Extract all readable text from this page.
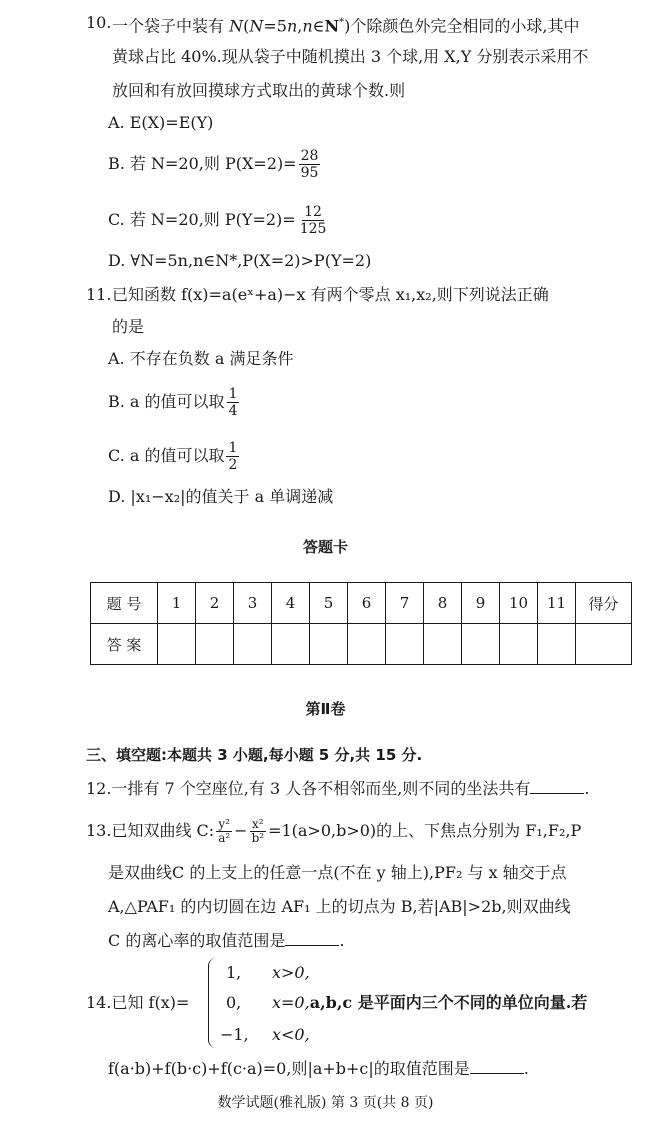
10. 一个袋子中装有 N(N=5n,n∈N*)个除颜色外完全相同的小球,其中
黄球占比 40%.现从袋子中随机摸出 3 个球,用 X,Y 分别表示采用不
放回和有放回摸球方式取出的黄球个数.则
A. E(X)=E(Y)
B. 若 N=20,则 $P(X=2)= \frac{28}{95}$
C. 若 N=20,则 $P(Y=2)= \frac{12}{125}$
D. ∀N=5n,n∈N*,P(X=2)>P(Y=2)
11. 已知函数 f(x)=a(eˣ+a)−x 有两个零点 x₁,x₂,则下列说法正确
的是
A. 不存在负数 a 满足条件
B. a 的值可以取 $\frac{1}{4}$
C. a 的值可以取 $\frac{1}{2}$
D. |x₁−x₂|的值关于 a 单调递减
答题卡
题 号	1	2	3	4	5	6	7	8	9	10	11	得分
答 案												
第Ⅱ卷
三、填空题:本题共 3 小题,每小题 5 分,共 15 分.
12.一排有 7 个空座位,有 3 人各不相邻而坐,则不同的坐法共有	.
13.已知双曲线 C: $\frac{\text{y²}}{\text{a²}} - \frac{\text{x²}}{\text{b²}} =1(a>0,b>0)$的上、下焦点分别为 F₁,F₂,P
是双曲线C 的上支上的任意一点(不在 y 轴上),PF₂ 与 x 轴交于点
A,△PAF₁ 的内切圆在边 AF₁ 上的切点为 B,若|AB|>2b,则双曲线
C 的离心率的取值范围是	.
14.已知 f(x)=
1, x>0,
0, x=0,a,b,c 是平面内三个不同的单位向量.若
−1, x<0,
f(a·b)+f(b·c)+f(c·a)=0,则|a+b+c|的取值范围是	.
数学试题(雅礼版) 第 3 页(共 8 页)
